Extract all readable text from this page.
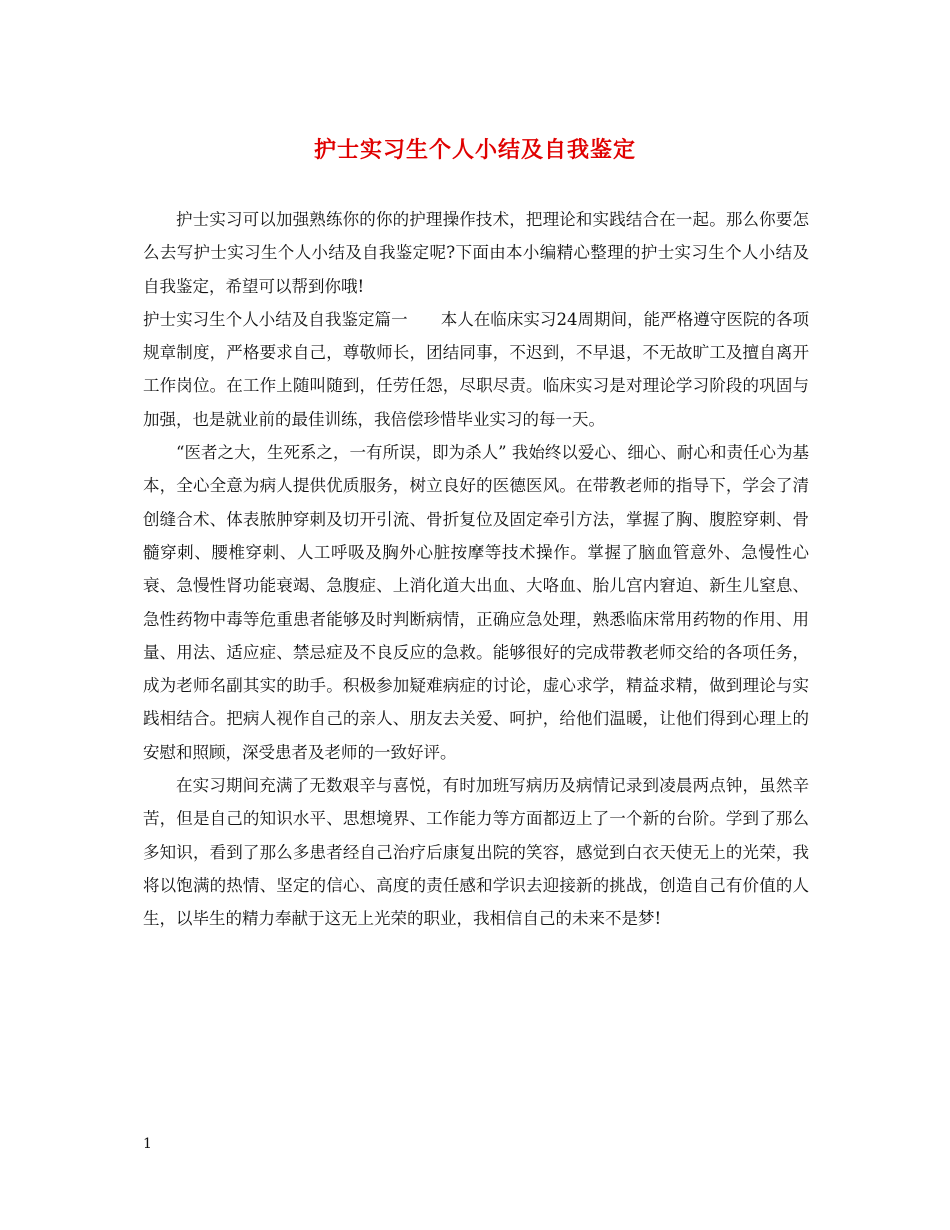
护士实习生个人小结及自我鉴定

护士实习可以加强熟练你的你的护理操作技术，把理论和实践结合在一起。那么你要怎么去写护士实习生个人小结及自我鉴定呢?下面由本小编精心整理的护士实习生个人小结及自我鉴定，希望可以帮到你哦!

护士实习生个人小结及自我鉴定篇一　　本人在临床实习24周期间，能严格遵守医院的各项规章制度，严格要求自己，尊敬师长，团结同事，不迟到，不早退，不无故旷工及擅自离开工作岗位。在工作上随叫随到，任劳任怨，尽职尽责。临床实习是对理论学习阶段的巩固与加强，也是就业前的最佳训练，我倍偿珍惜毕业实习的每一天。

“医者之大，生死系之，一有所误，即为杀人” 我始终以爱心、细心、耐心和责任心为基本，全心全意为病人提供优质服务，树立良好的医德医风。在带教老师的指导下，学会了清创缝合术、体表脓肿穿刺及切开引流、骨折复位及固定牵引方法，掌握了胸、腹腔穿刺、骨髓穿刺、腰椎穿刺、人工呼吸及胸外心脏按摩等技术操作。掌握了脑血管意外、急慢性心衰、急慢性肾功能衰竭、急腹症、上消化道大出血、大咯血、胎儿宫内窘迫、新生儿窒息、急性药物中毒等危重患者能够及时判断病情，正确应急处理，熟悉临床常用药物的作用、用量、用法、适应症、禁忌症及不良反应的急救。能够很好的完成带教老师交给的各项任务，成为老师名副其实的助手。积极参加疑难病症的讨论，虚心求学，精益求精，做到理论与实践相结合。把病人视作自己的亲人、朋友去关爱、呵护，给他们温暖，让他们得到心理上的安慰和照顾，深受患者及老师的一致好评。

在实习期间充满了无数艰辛与喜悦，有时加班写病历及病情记录到凌晨两点钟，虽然辛苦，但是自己的知识水平、思想境界、工作能力等方面都迈上了一个新的台阶。学到了那么多知识，看到了那么多患者经自己治疗后康复出院的笑容，感觉到白衣天使无上的光荣，我将以饱满的热情、坚定的信心、高度的责任感和学识去迎接新的挑战，创造自己有价值的人生，以毕生的精力奉献于这无上光荣的职业，我相信自己的未来不是梦!

1
